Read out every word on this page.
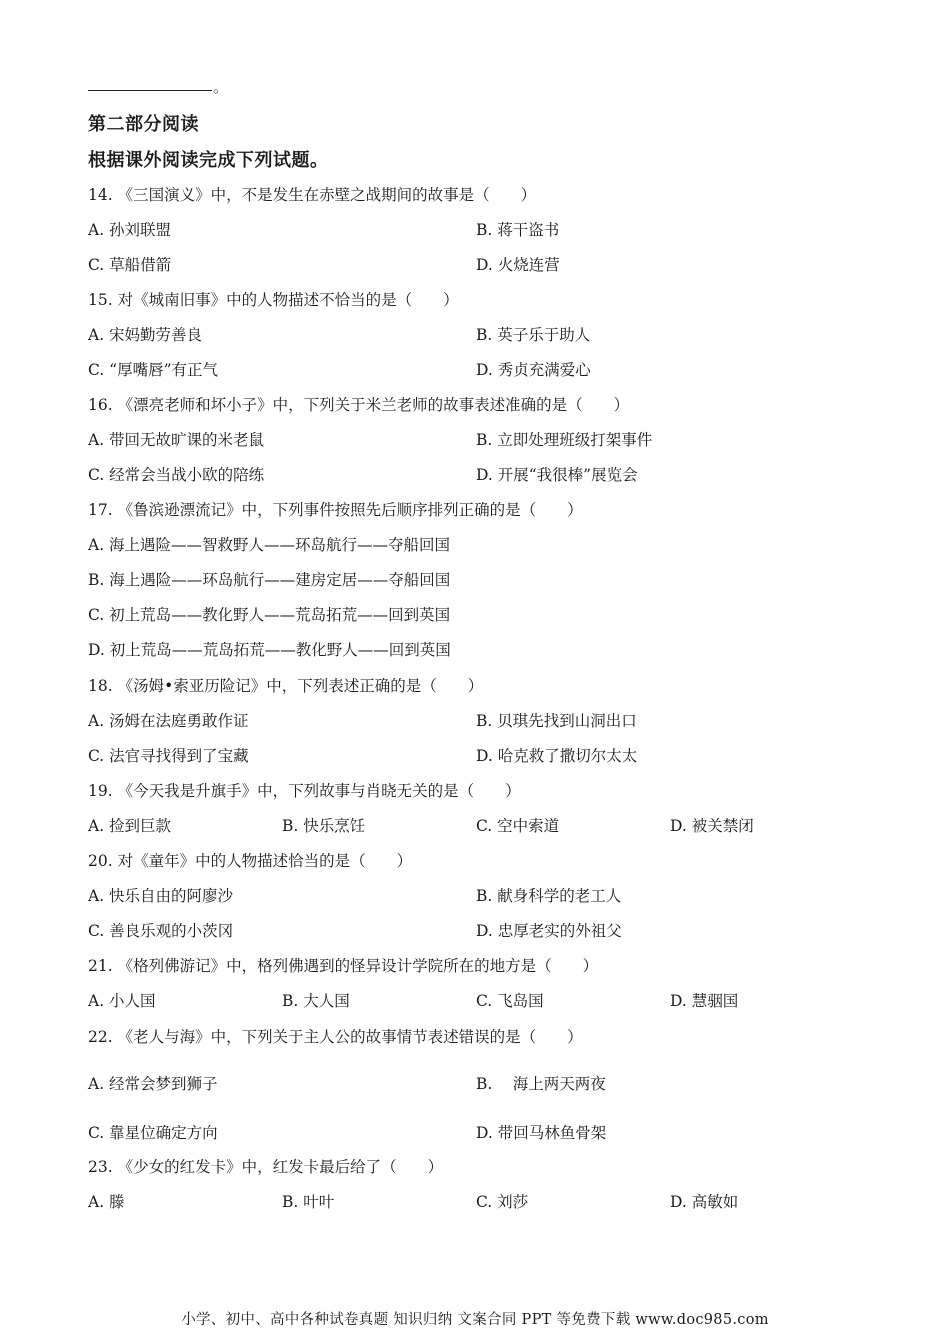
。
第二部分阅读
根据课外阅读完成下列试题。
14. 《三国演义》中，不是发生在赤壁之战期间的故事是（　　）
A. 孙刘联盟	B. 蒋干盗书
C. 草船借箭	D. 火烧连营
15. 对《城南旧事》中的人物描述不恰当的是（　　）
A. 宋妈勤劳善良	B. 英子乐于助人
C. “厚嘴唇”有正气	D. 秀贞充满爱心
16. 《漂亮老师和坏小子》中，下列关于米兰老师的故事表述准确的是（　　）
A. 带回无故旷课的米老鼠	B. 立即处理班级打架事件
C. 经常会当战小欧的陪练	D. 开展“我很棒”展览会
17. 《鲁滨逊漂流记》中，下列事件按照先后顺序排列正确的是（　　）
A. 海上遇险——智救野人——环岛航行——夺船回国
B. 海上遇险——环岛航行——建房定居——夺船回国
C. 初上荒岛——教化野人——荒岛拓荒——回到英国
D. 初上荒岛——荒岛拓荒——教化野人——回到英国
18. 《汤姆•索亚历险记》中，下列表述正确的是（　　）
A. 汤姆在法庭勇敢作证	B. 贝琪先找到山洞出口
C. 法官寻找得到了宝藏	D. 哈克救了撒切尔太太
19. 《今天我是升旗手》中，下列故事与肖晓无关的是（　　）
A. 捡到巨款	B. 快乐烹饪	C. 空中索道	D. 被关禁闭
20. 对《童年》中的人物描述恰当的是（　　）
A. 快乐自由的阿廖沙	B. 献身科学的老工人
C. 善良乐观的小茨冈	D. 忠厚老实的外祖父
21. 《格列佛游记》中，格列佛遇到的怪异设计学院所在的地方是（　　）
A. 小人国	B. 大人国	C. 飞岛国	D. 慧骃国
22. 《老人与海》中，下列关于主人公的故事情节表述错误的是（　　）
A. 经常会梦到狮子	B.　 海上两天两夜
C. 靠星位确定方向	D. 带回马林鱼骨架
23. 《少女的红发卡》中，红发卡最后给了（　　）
A. 滕	B. 叶叶	C. 刘莎	D. 高敏如
小学、初中、高中各种试卷真题 知识归纳 文案合同 PPT 等免费下载 www.doc985.com
